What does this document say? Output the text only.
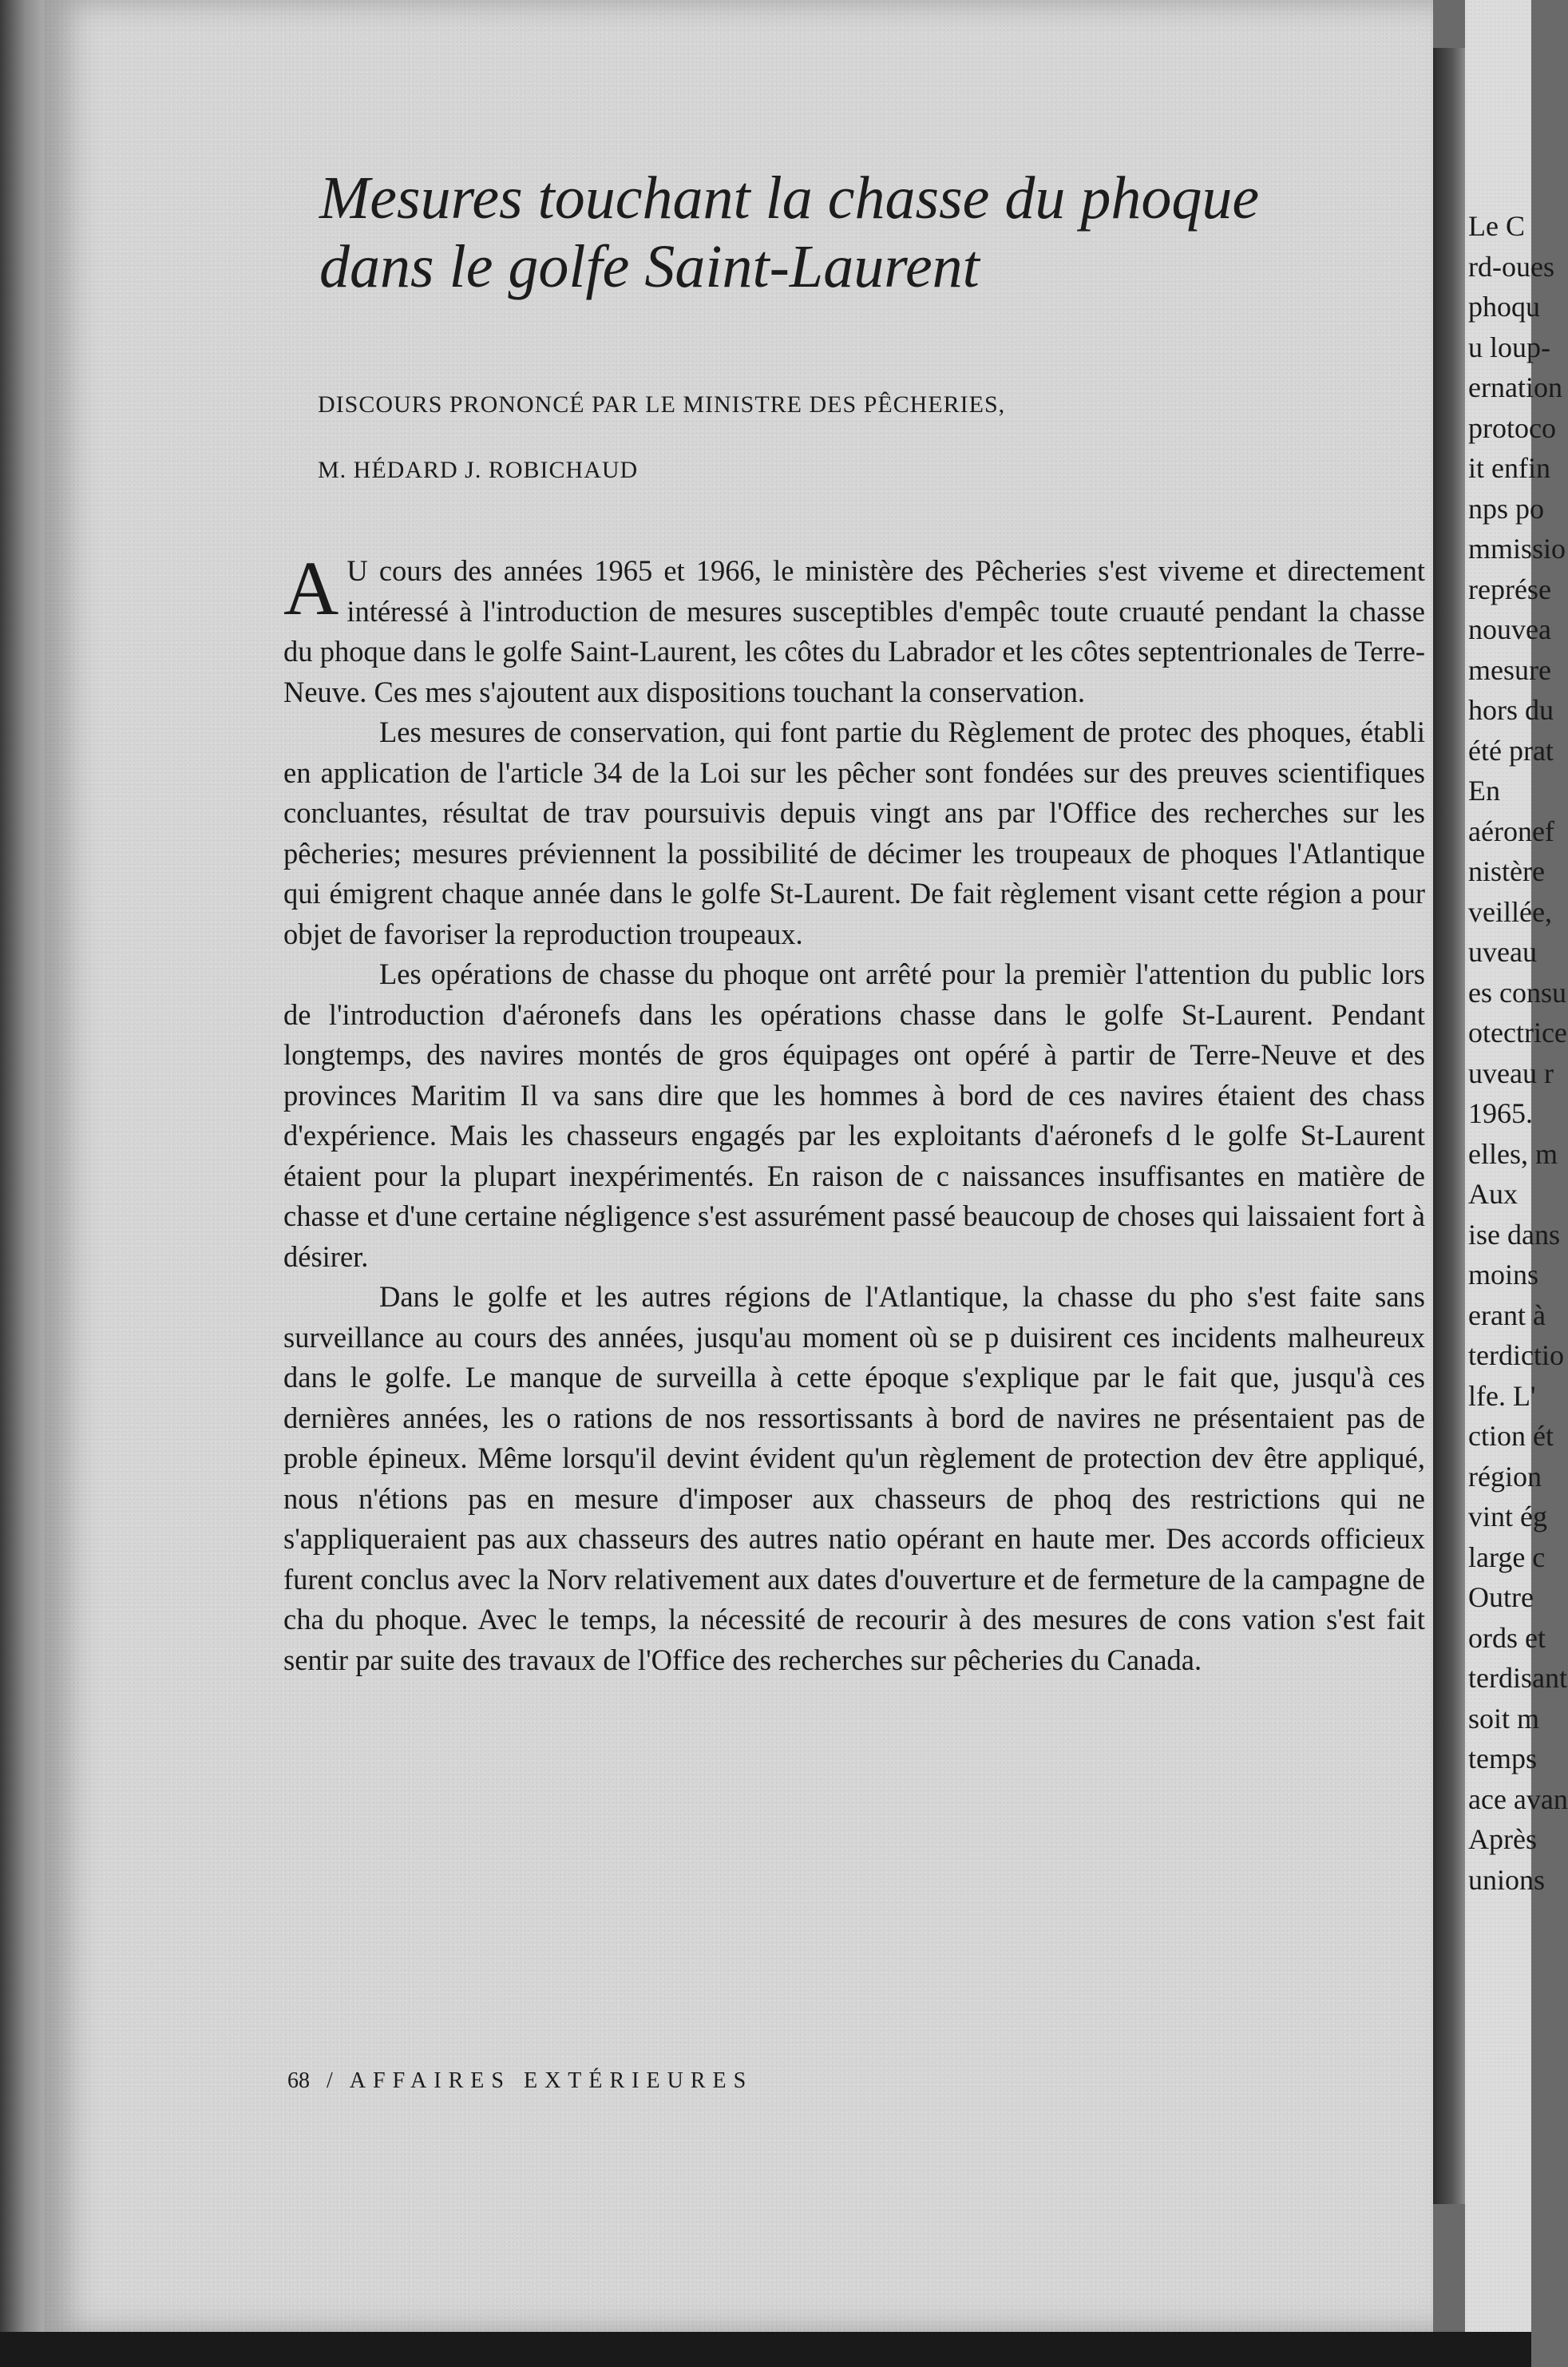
Mesures touchant la chasse du phoque
dans le golfe Saint-Laurent

DISCOURS PRONONCÉ PAR LE MINISTRE DES PÊCHERIES,

M. HÉDARD J. ROBICHAUD

A U cours des années 1965 et 1966, le ministère des Pêcheries s'est viveme et directement intéressé à l'introduction de mesures susceptibles d'empêc toute cruauté pendant la chasse du phoque dans le golfe Saint-Laurent, les côtes du Labrador et les côtes septentrionales de Terre-Neuve. Ces mes s'ajoutent aux dispositions touchant la conservation.

Les mesures de conservation, qui font partie du Règlement de protec des phoques, établi en application de l'article 34 de la Loi sur les pêcher sont fondées sur des preuves scientifiques concluantes, résultat de trav poursuivis depuis vingt ans par l'Office des recherches sur les pêcheries; mesures préviennent la possibilité de décimer les troupeaux de phoques l'Atlantique qui émigrent chaque année dans le golfe St-Laurent. De fait règlement visant cette région a pour objet de favoriser la reproduction troupeaux.

Les opérations de chasse du phoque ont arrêté pour la premièr l'attention du public lors de l'introduction d'aéronefs dans les opérations chasse dans le golfe St-Laurent. Pendant longtemps, des navires montés de gros équipages ont opéré à partir de Terre-Neuve et des provinces Maritim Il va sans dire que les hommes à bord de ces navires étaient des chass d'expérience. Mais les chasseurs engagés par les exploitants d'aéronefs d le golfe St-Laurent étaient pour la plupart inexpérimentés. En raison de c naissances insuffisantes en matière de chasse et d'une certaine négligence s'est assurément passé beaucoup de choses qui laissaient fort à désirer.

Dans le golfe et les autres régions de l'Atlantique, la chasse du pho s'est faite sans surveillance au cours des années, jusqu'au moment où se p duisirent ces incidents malheureux dans le golfe. Le manque de surveilla à cette époque s'explique par le fait que, jusqu'à ces dernières années, les o rations de nos ressortissants à bord de navires ne présentaient pas de proble épineux. Même lorsqu'il devint évident qu'un règlement de protection dev être appliqué, nous n'étions pas en mesure d'imposer aux chasseurs de phoq des restrictions qui ne s'appliqueraient pas aux chasseurs des autres natio opérant en haute mer. Des accords officieux furent conclus avec la Norv relativement aux dates d'ouverture et de fermeture de la campagne de cha du phoque. Avec le temps, la nécessité de recourir à des mesures de cons vation s'est fait sentir par suite des travaux de l'Office des recherches sur pêcheries du Canada.

68 / AFFAIRES EXTÉRIEURES

Le C

rd-oues

phoqu

u loup-

ernation

protoco

it enfin

nps po

mmissio

représe

nouvea

mesure

hors du

été prat

En

aéronef

nistère

veillée,

uveau

es consu

otectrice

uveau r

1965.

elles, m

Aux

ise dans

moins

erant à

terdictio

lfe. L'

ction ét

région

vint ég

large c

Outre

ords et

terdisant

soit m

temps

ace avan

Après

unions
